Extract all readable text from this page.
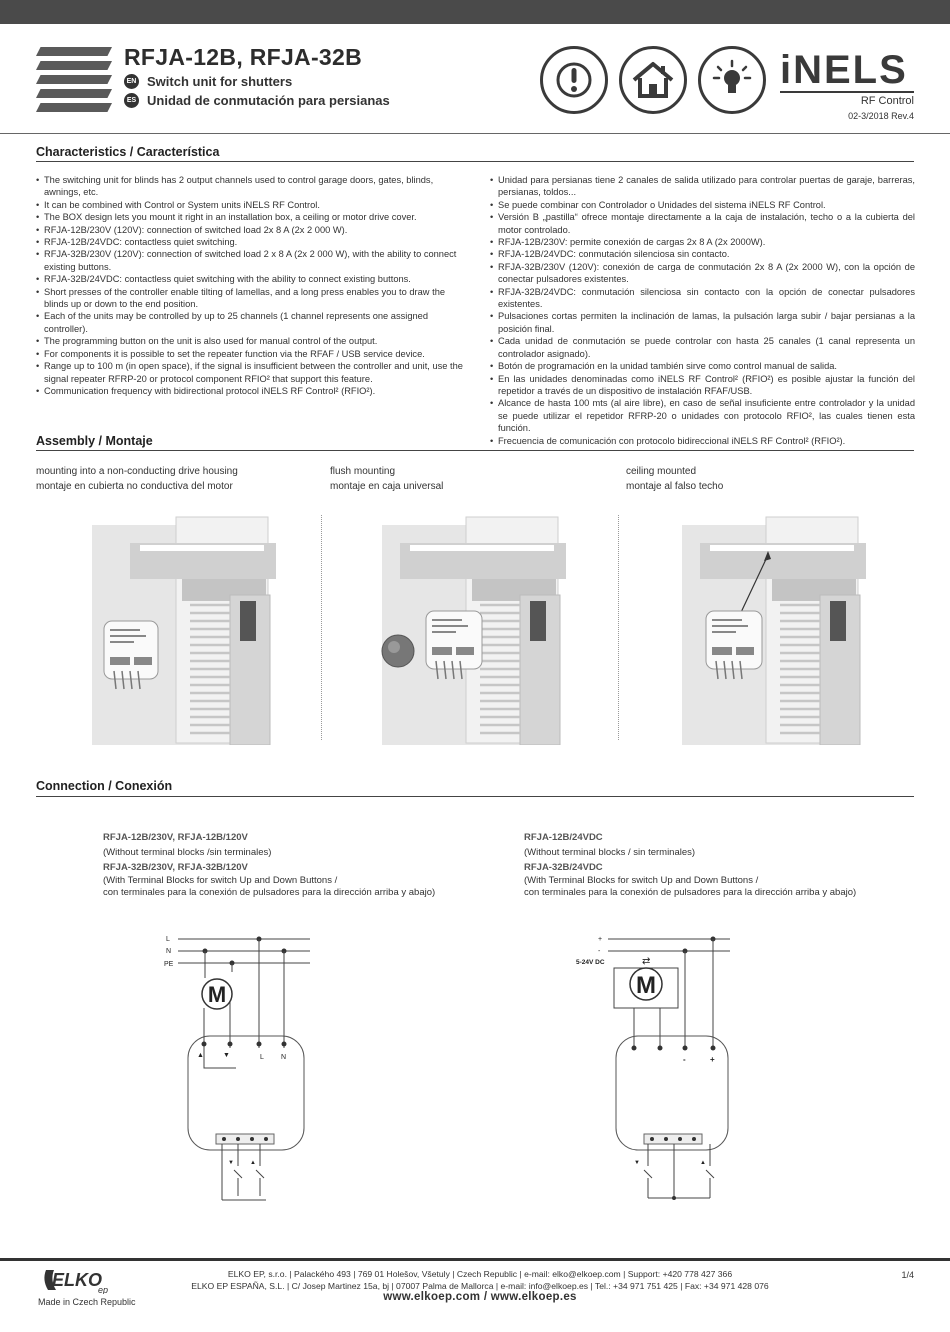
RFJA-12B, RFJA-32B
EN Switch unit for shutters
ES Unidad de conmutación para persianas
iNELS
RF Control
02-3/2018 Rev.4
Characteristics / Característica
• The switching unit for blinds has 2 output channels used to control garage doors, gates, blinds, awnings, etc.
• It can be combined with Control or System units iNELS RF Control.
• The BOX design lets you mount it right in an installation box, a ceiling or motor drive cover.
• RFJA-12B/230V (120V): connection of switched load 2x 8 A (2x 2 000 W).
• RFJA-12B/24VDC: contactless quiet switching.
• RFJA-32B/230V (120V): connection of switched load 2 x 8 A (2x 2 000 W), with the ability to connect existing buttons.
• RFJA-32B/24VDC: contactless quiet switching with the ability to connect existing buttons.
• Short presses of the controller enable tilting of lamellas, and a long press enables you to draw the blinds up or down to the end position.
• Each of the units may be controlled by up to 25 channels (1 channel represents one assigned controller).
• The programming button on the unit is also used for manual control of the output.
• For components it is possible to set the repeater function via the RFAF / USB service device.
• Range up to 100 m (in open space), if the signal is insufficient between the controller and unit, use the signal repeater RFRP-20 or protocol component RFIO² that support this feature.
• Communication frequency with bidirectional protocol iNELS RF Control² (RFIO²).
• Unidad para persianas tiene 2 canales de salida utilizado para controlar puertas de garaje, barreras, persianas, toldos...
• Se puede combinar con Controlador o Unidades del sistema iNELS RF Control.
• Versión B „pastilla“ ofrece montaje directamente a la caja de instalación, techo o a la cubierta del motor controlado.
• RFJA-12B/230V: permite conexión de cargas 2x 8 A (2x 2000W).
• RFJA-12B/24VDC: conmutación silenciosa sin contacto.
• RFJA-32B/230V (120V): conexión de carga de conmutación 2x 8 A (2x 2000 W), con la opción de conectar pulsadores existentes.
• RFJA-32B/24VDC: conmutación silenciosa sin contacto con la opción de conectar pulsadores existentes.
• Pulsaciones cortas permiten la inclinación de lamas, la pulsación larga subir / bajar persianas a la posición final.
• Cada unidad de conmutación se puede controlar con hasta 25 canales (1 canal representa un controlador asignado).
• Botón de programación en la unidad también sirve como control manual de salida.
• En las unidades denominadas como iNELS RF Control² (RFIO²) es posible ajustar la función del repetidor a través de un dispositivo de instalación RFAF/USB.
• Alcance de hasta 100 mts (al aire libre), en caso de señal insuficiente entre controlador y la unidad se puede utilizar el repetidor RFRP-20 o unidades con protocolo RFIO², las cuales tienen esta función.
• Frecuencia de comunicación con protocolo bidireccional iNELS RF Control² (RFIO²).
Assembly / Montaje
mounting into a non-conducting drive housing
montaje en cubierta no conductiva del motor
flush mounting
montaje en caja universal
ceiling mounted
montaje al falso techo
Connection / Conexión
RFJA-12B/230V, RFJA-12B/120V
(Without terminal blocks /sin terminales)
RFJA-32B/230V, RFJA-32B/120V
(With Terminal Blocks for switch Up and Down Buttons /
con terminales para la conexión de pulsadores para la dirección arriba y abajo)
RFJA-12B/24VDC
(Without terminal blocks / sin terminales)
RFJA-32B/24VDC
(With Terminal Blocks for switch Up and Down Buttons /
con terminales para la conexión de pulsadores para la dirección arriba y abajo)
L
N
PE
M
▲	▼	L N
▼	▲
+
-
5-24V DC	⇄
M
-	+
▼	▲
ELKO
ep
Made in Czech Republic
ELKO EP, s.r.o. | Palackého 493 | 769 01 Holešov, Všetuly | Czech Republic | e-mail: elko@elkoep.com | Support: +420 778 427 366
ELKO EP ESPAÑA, S.L. | C/ Josep Martinez 15a, bj | 07007 Palma de Mallorca | e-mail: info@elkoep.es | Tel.: +34 971 751 425 | Fax: +34 971 428 076
www.elkoep.com / www.elkoep.es
1/4
